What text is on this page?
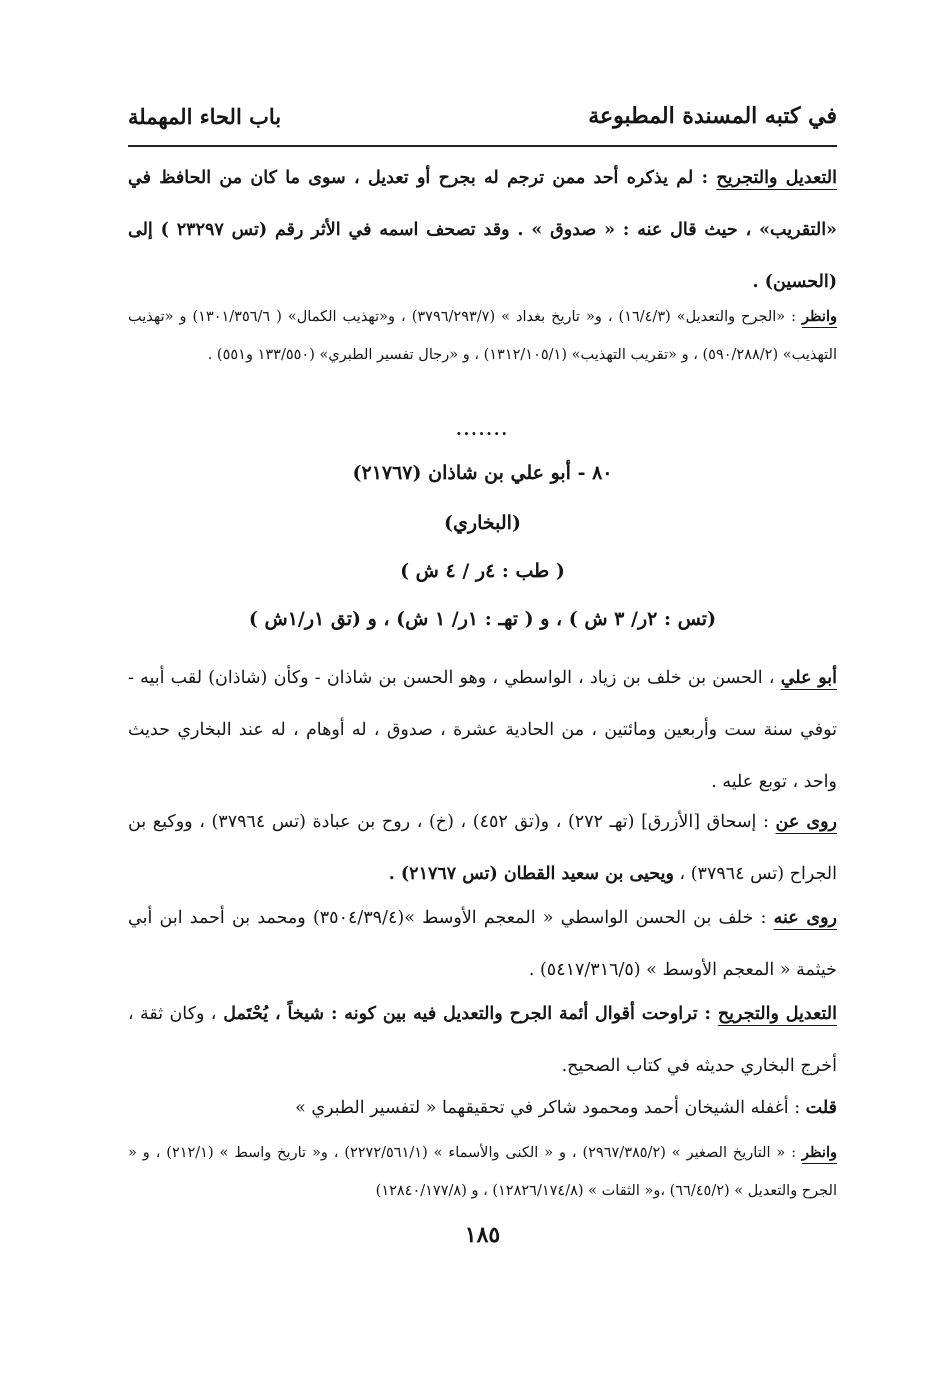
في كتبه المسندة المطبوعة
باب الحاء المهملة
التعديل والتجريح : لم يذكره أحد ممن ترجم له بجرح أو تعديل ، سوى ما كان من الحافظ في «التقريب» ، حيث قال عنه : « صدوق » . وقد تصحف اسمه في الأثر رقم (تس ٢٣٢٩٧ ) إلى (الحسين) .
وانظر : «الجرح والتعديل» (١٦/٤/٣) ، و« تاريخ بغداد » (٣٧٩٦/٢٩٣/٧) ، و«تهذيب الكمال» ( ١٣٠١/٣٥٦/٦) و «تهذيب التهذيب» (٥٩٠/٢٨٨/٢) ، و «تقريب التهذيب» (١٣١٢/١٠٥/١) ، و «رجال تفسير الطبري» (١٣٣/٥٥٠ و٥٥١) .
.......
٨٠ - أبو علي بن شاذان (٢١٧٦٧)
(البخاري)
( طب : ٤ر / ٤ ش )
(تس : ٢ر/ ٣ ش ) ، و ( تهـ : ١ر/ ١ ش) ، و (تق ١ر/١ش )
أبو علي ، الحسن بن خلف بن زياد ، الواسطي ، وهو الحسن بن شاذان - وكأن (شاذان) لقب أبيه - توفي سنة ست وأربعين ومائتين ، من الحادية عشرة ، صدوق ، له أوهام ، له عند البخاري حديث واحد ، توبع عليه .
روى عن : إسحاق [الأزرق] (تهـ ٢٧٢) ، و(تق ٤٥٢) ، (خ) ، روح بن عبادة (تس ٣٧٩٦٤) ، ووكيع بن الجراح (تس ٣٧٩٦٤) ، ويحيى بن سعيد القطان (تس ٢١٧٦٧) .
روى عنه : خلف بن الحسن الواسطي « المعجم الأوسط »(٣٥٠٤/٣٩/٤) ومحمد بن أحمد ابن أبي خيثمة « المعجم الأوسط » (٥٤١٧/٣١٦/٥) .
التعديل والتجريح : تراوحت أقوال أئمة الجرح والتعديل فيه بين كونه : شيخاً ، يُحْتَمل ، وكان ثقة ، أخرج البخاري حديثه في كتاب الصحيح.
قلت : أغفله الشيخان أحمد ومحمود شاكر في تحقيقهما « لتفسير الطبري »
وانظر : « التاريخ الصغير » (٢٩٦٧/٣٨٥/٢) ، و « الكنى والأسماء » (٢٢٧٢/٥٦١/١) ، و« تاريخ واسط » (٢١٢/١) ، و « الجرح والتعديل » (٦٦/٤٥/٢) ،و« الثقات » (١٢٨٢٦/١٧٤/٨) ، و (١٢٨٤٠/١٧٧/٨)
١٨٥
